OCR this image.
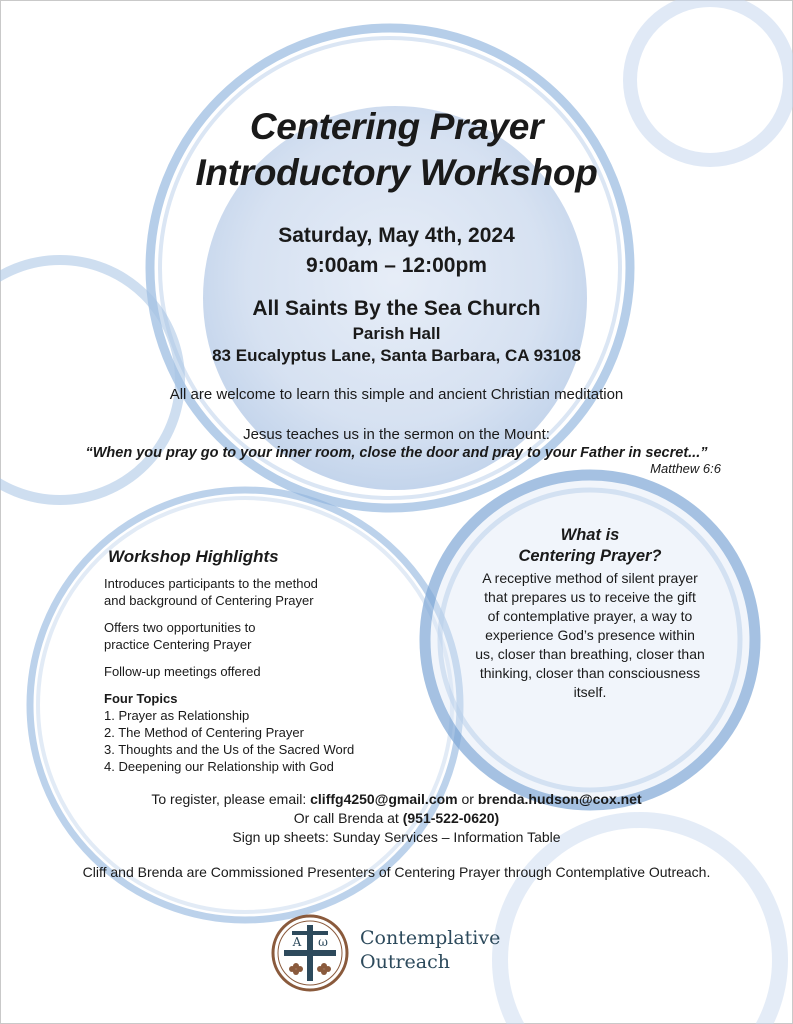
Centering Prayer
Introductory Workshop
Saturday, May 4th, 2024
9:00am – 12:00pm
All Saints By the Sea Church
Parish Hall
83 Eucalyptus Lane, Santa Barbara, CA 93108
All are welcome to learn this simple and ancient Christian meditation
Jesus teaches us in the sermon on the Mount:
“When you pray go to your inner room, close the door and pray to your Father in secret...”
Matthew 6:6
Workshop Highlights

Introduces participants to the method
and background of Centering Prayer

Offers two opportunities to
practice Centering Prayer

Follow-up meetings offered

Four Topics
1. Prayer as Relationship
2. The Method of Centering Prayer
3. Thoughts and the Us of the Sacred Word
4. Deepening our Relationship with God
What is
Centering Prayer?
A receptive method of silent prayer
that prepares us to receive the gift
of contemplative prayer, a way to
experience God’s presence within
us, closer than breathing, closer than
thinking, closer than consciousness
itself.
To register, please email: cliffg4250@gmail.com or brenda.hudson@cox.net
Or call Brenda at (951-522-0620)
Sign up sheets: Sunday Services – Information Table
Cliff and Brenda are Commissioned Presenters of Centering Prayer through Contemplative Outreach.
A ω Contemplative
Outreach
